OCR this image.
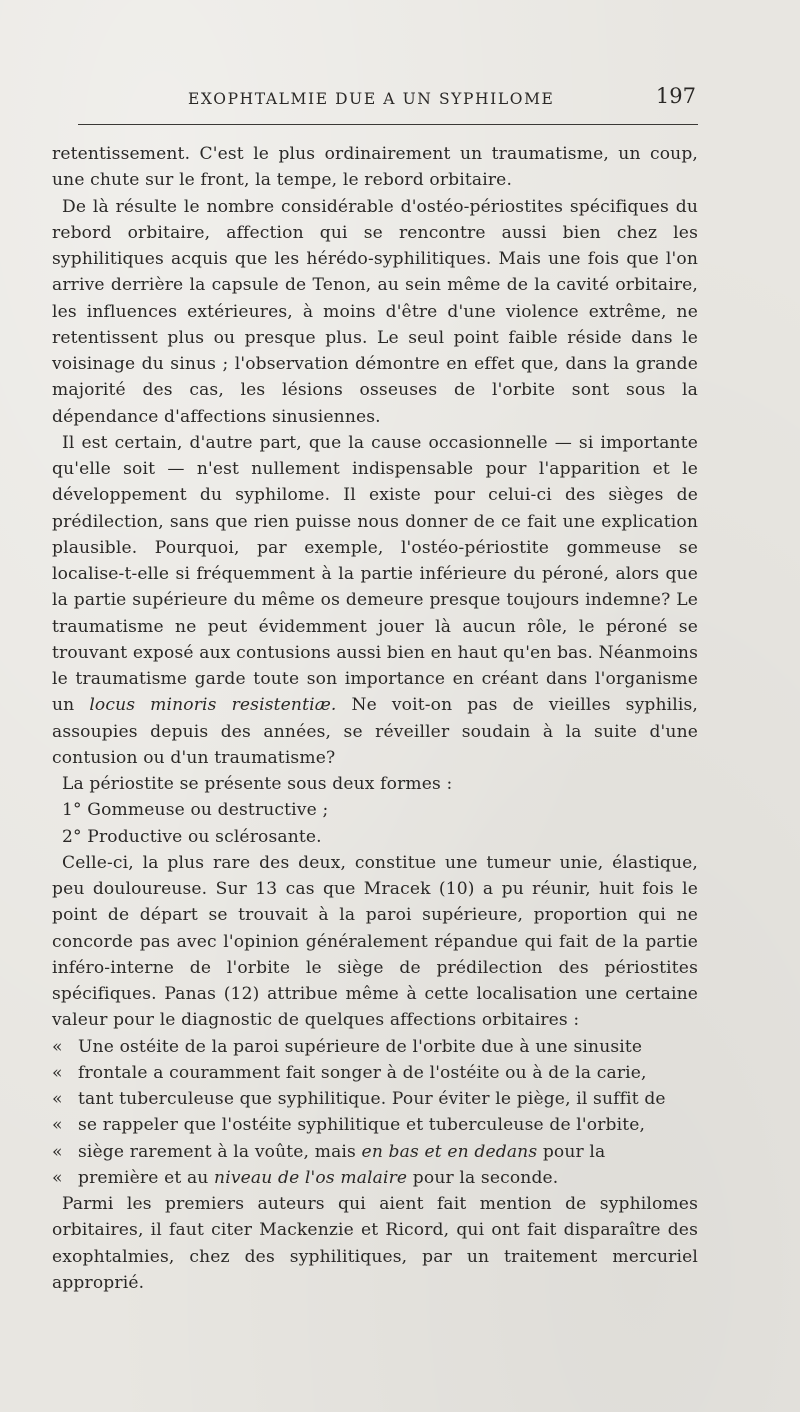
EXOPHTALMIE DUE A UN SYPHILOME	197

retentissement. C'est le plus ordinairement un traumatisme, un coup, une chute sur le front, la tempe, le rebord orbitaire.

De là résulte le nombre considérable d'ostéo-périostites spécifiques du rebord orbitaire, affection qui se rencontre aussi bien chez les syphilitiques acquis que les hérédo-syphilitiques. Mais une fois que l'on arrive derrière la capsule de Tenon, au sein même de la cavité orbitaire, les influences extérieures, à moins d'être d'une violence extrême, ne retentissent plus ou presque plus. Le seul point faible réside dans le voisinage du sinus ; l'observation démontre en effet que, dans la grande majorité des cas, les lésions osseuses de l'orbite sont sous la dépendance d'affections sinusiennes.

Il est certain, d'autre part, que la cause occasionnelle — si importante qu'elle soit — n'est nullement indispensable pour l'apparition et le développement du syphilome. Il existe pour celui-ci des sièges de prédilection, sans que rien puisse nous donner de ce fait une explication plausible. Pourquoi, par exemple, l'ostéo-périostite gommeuse se localise-t-elle si fréquemment à la partie inférieure du péroné, alors que la partie supérieure du même os demeure presque toujours indemne? Le traumatisme ne peut évidemment jouer là aucun rôle, le péroné se trouvant exposé aux contusions aussi bien en haut qu'en bas. Néanmoins le traumatisme garde toute son importance en créant dans l'organisme un locus minoris resistentiæ. Ne voit-on pas de vieilles syphilis, assoupies depuis des années, se réveiller soudain à la suite d'une contusion ou d'un traumatisme?

La périostite se présente sous deux formes :

1° Gommeuse ou destructive ;

2° Productive ou sclérosante.

Celle-ci, la plus rare des deux, constitue une tumeur unie, élastique, peu douloureuse. Sur 13 cas que Mracek (10) a pu réunir, huit fois le point de départ se trouvait à la paroi supérieure, proportion qui ne concorde pas avec l'opinion généralement répandue qui fait de la partie inféro-interne de l'orbite le siège de prédilection des périostites spécifiques. Panas (12) attribue même à cette localisation une certaine valeur pour le diagnostic de quelques affections orbitaires :

« Une ostéite de la paroi supérieure de l'orbite due à une sinusite

« frontale a couramment fait songer à de l'ostéite ou à de la carie,

« tant tuberculeuse que syphilitique. Pour éviter le piège, il suffit de

« se rappeler que l'ostéite syphilitique et tuberculeuse de l'orbite,

« siège rarement à la voûte, mais en bas et en dedans pour la

« première et au niveau de l'os malaire pour la seconde.

Parmi les premiers auteurs qui aient fait mention de syphilomes orbitaires, il faut citer Mackenzie et Ricord, qui ont fait disparaître des exophtalmies, chez des syphilitiques, par un traitement mercuriel approprié.
